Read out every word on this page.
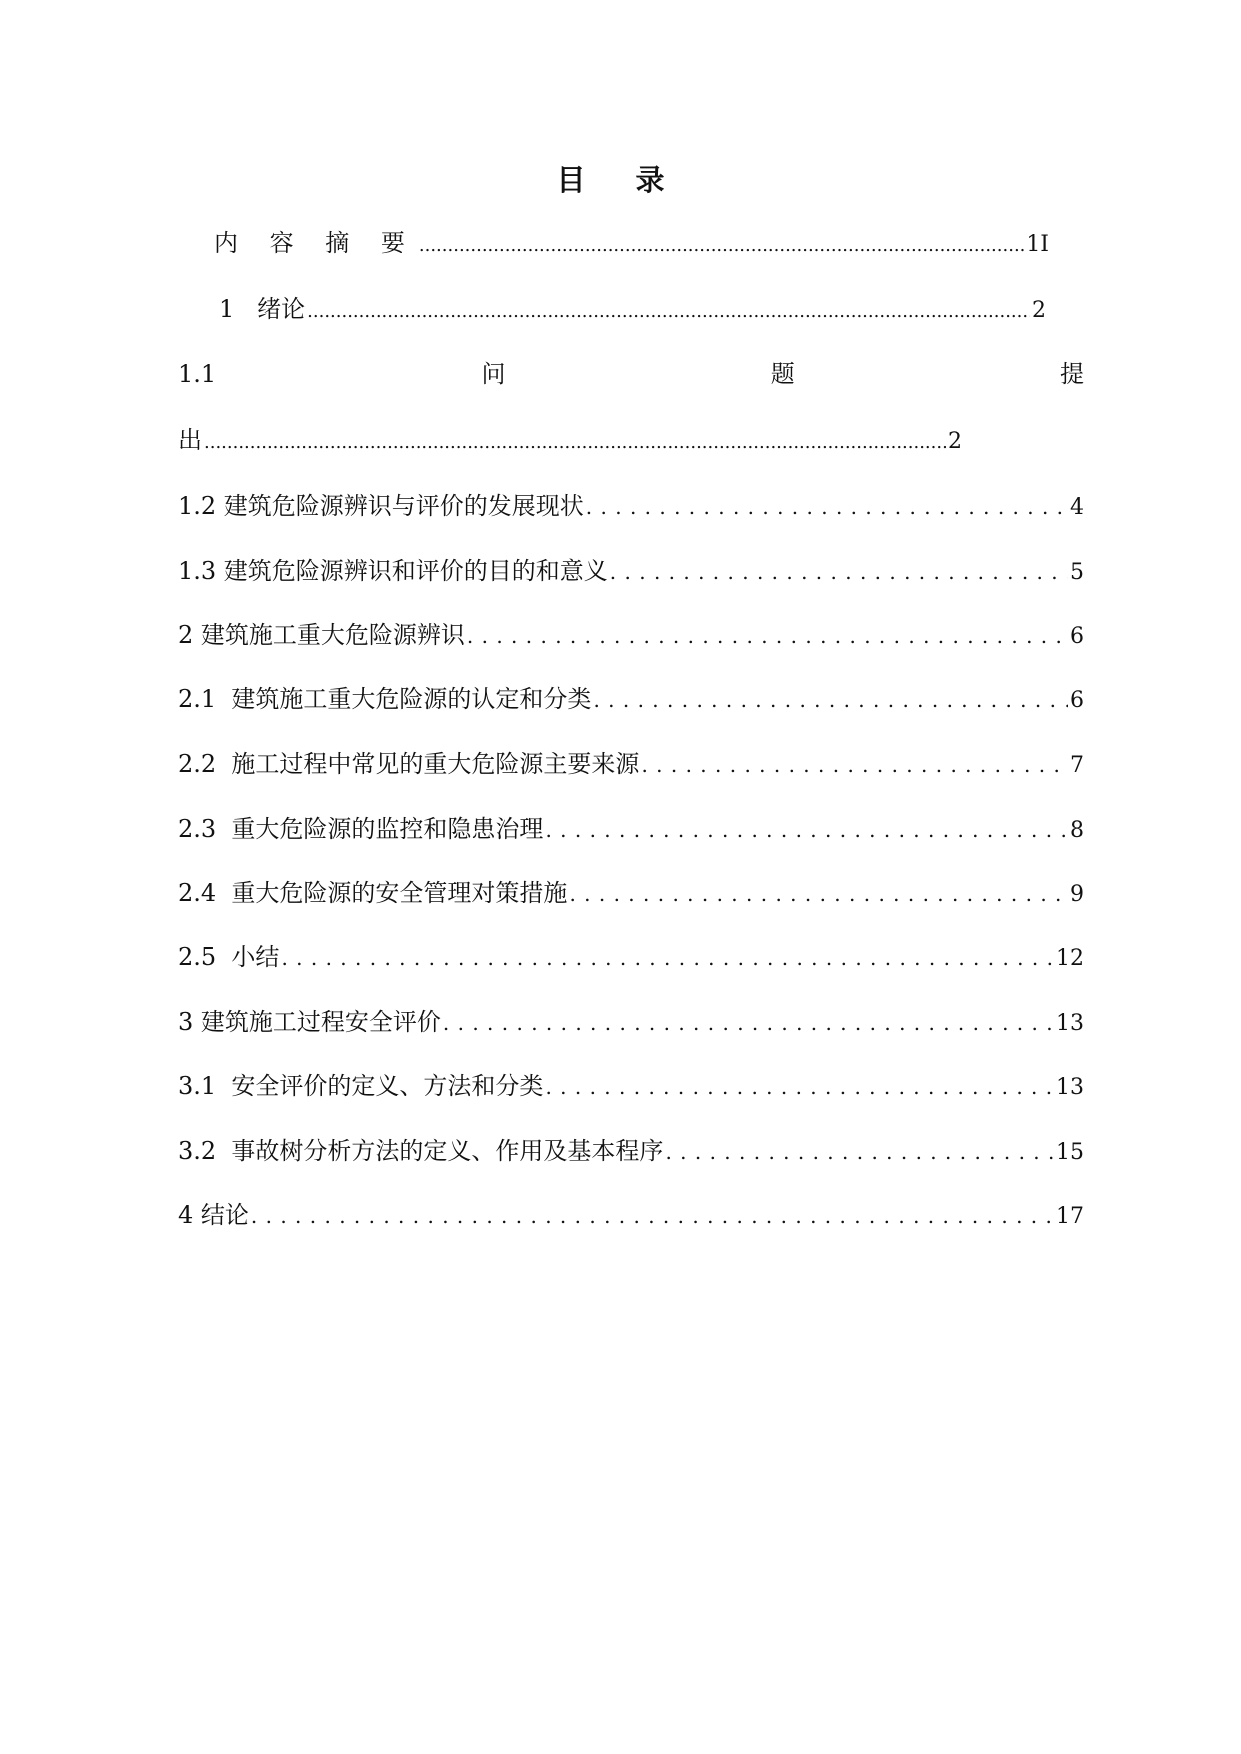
目 录
内 容 摘 要 .....	1I
1   绪论 .....	2
1.1	问	题	提
出 .....	2
1.2 建筑危险源辨识与评价的发展现状 . . .	4
1.3 建筑危险源辨识和评价的目的和意义 . . .	5
2 建筑施工重大危险源辨识 . . .	6
2.1  建筑施工重大危险源的认定和分类 . . .	6
2.2  施工过程中常见的重大危险源主要来源 . . .	7
2.3  重大危险源的监控和隐患治理 . . .	8
2.4  重大危险源的安全管理对策措施 . . .	9
2.5  小结 . . .	12
3 建筑施工过程安全评价 . . .	13
3.1  安全评价的定义、方法和分类 . . .	13
3.2  事故树分析方法的定义、作用及基本程序 . . .	15
4 结论 . . .	17
